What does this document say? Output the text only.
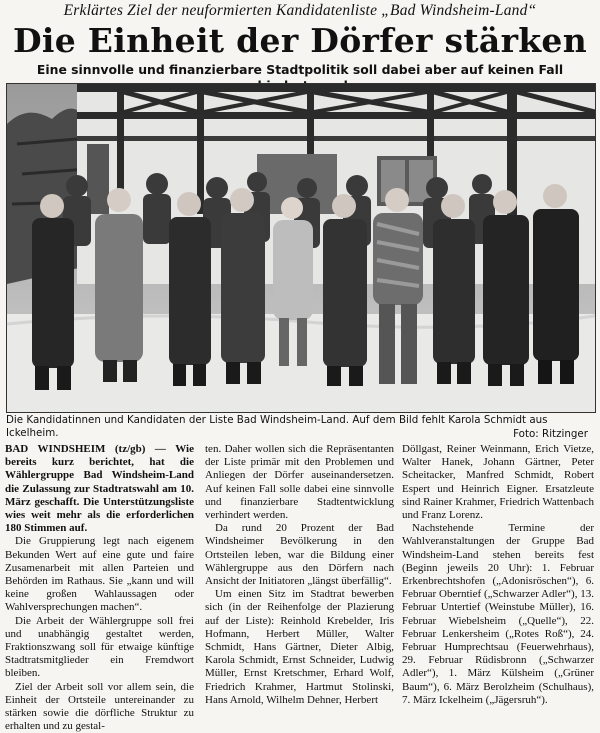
Erklärtes Ziel der neuformierten Kandidatenliste „Bad Windsheim-Land“
Die Einheit der Dörfer stärken
Eine sinnvolle und finanzierbare Stadtpolitik soll dabei aber auf keinen Fall
Die Kandidatinnen und Kandidaten der Liste Bad Windsheim-Land. Auf dem Bild fehlt Karola Schmidt aus Ickelheim.	Foto: Ritzinger

BAD WINDSHEIM (tz/gb) — Wie bereits kurz berichtet, hat die Wählergruppe Bad Windsheim-Land die Zulassung zur Stadtratswahl am 10. März geschafft. Die Unterstützungsliste wies weit mehr als die erforderlichen 180 Stimmen auf.

Die Gruppierung legt nach eigenem Bekunden Wert auf eine gute und faire Zusamenarbeit mit allen Parteien und Behörden im Rathaus. Sie „kann und will keine großen Wahlaussagen oder Wahlversprechungen machen“.

Die Arbeit der Wählergruppe soll frei und unabhängig gestaltet werden, Fraktionszwang soll für etwaige künftige Stadtratsmitglieder ein Fremdwort bleiben.

Ziel der Arbeit soll vor allem sein, die Einheit der Ortsteile untereinander zu stärken sowie die dörfliche Struktur zu erhalten und zu gestal-

ten. Daher wollen sich die Repräsentanten der Liste primär mit den Problemen und Anliegen der Dörfer auseinandersetzen. Auf keinen Fall solle dabei eine sinnvolle und finanzierbare Stadtentwicklung verhindert werden.

Da rund 20 Prozent der Bad Windsheimer Bevölkerung in den Ortsteilen leben, war die Bildung einer Wählergruppe aus den Dörfern nach Ansicht der Initiatoren „längst überfällig“.

Um einen Sitz im Stadtrat bewerben sich (in der Reihenfolge der Plazierung auf der Liste): Reinhold Krebelder, Iris Hofmann, Herbert Müller, Walter Schmidt, Hans Gärtner, Dieter Albig, Karola Schmidt, Ernst Schneider, Ludwig Müller, Ernst Kretschmer, Erhard Wolf, Friedrich Krahmer, Hartmut Stolinski, Hans Arnold, Wilhelm Dehner, Herbert

Döllgast, Reiner Weinmann, Erich Vietze, Walter Hanek, Johann Gärtner, Peter Scheitacker, Manfred Schmidt, Robert Espert und Heinrich Eigner. Ersatzleute sind Rainer Krahmer, Friedrich Wattenbach und Franz Lorenz.

Nachstehende Termine der Wahlveranstaltungen der Gruppe Bad Windsheim-Land stehen bereits fest (Beginn jeweils 20 Uhr): 1. Februar Erkenbrechtshofen („Adonisröschen“), 6. Februar Oberntief („Schwarzer Adler“), 13. Februar Untertief (Weinstube Müller), 16. Februar Wiebelsheim („Quelle“), 22. Februar Lenkersheim („Rotes Roß“), 24. Februar Humprechtsau (Feuerwehrhaus), 29. Februar Rüdisbronn („Schwarzer Adler“), 1. März Külsheim („Grüner Baum“), 6. März Berolzheim (Schulhaus), 7. März Ickelheim („Jägersruh“).
